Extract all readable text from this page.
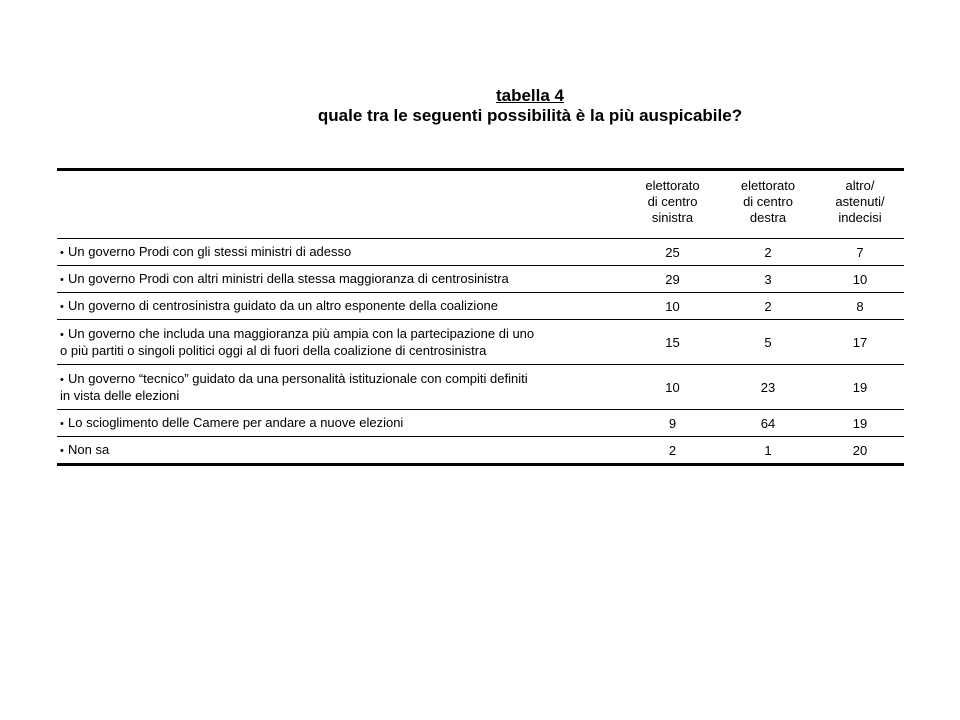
tabella 4
quale tra le seguenti possibilità è la più auspicabile?

	elettorato
di centro
sinistra	elettorato
di centro
destra	altro/
astenuti/
indecisi

• Un governo Prodi con gli stessi ministri di adesso	25	2	7
• Un governo Prodi con altri ministri della stessa maggioranza di centrosinistra	29	3	10
• Un governo di centrosinistra guidato da un altro esponente della coalizione	10	2	8
• Un governo che includa una maggioranza più ampia con la partecipazione di uno
o più partiti o singoli politici oggi al di fuori della coalizione di centrosinistra	15	5	17
• Un governo “tecnico” guidato da una personalità istituzionale con compiti definiti
in vista delle elezioni	10	23	19
• Lo scioglimento delle Camere per andare a nuove elezioni	9	64	19
• Non sa	2	1	20
